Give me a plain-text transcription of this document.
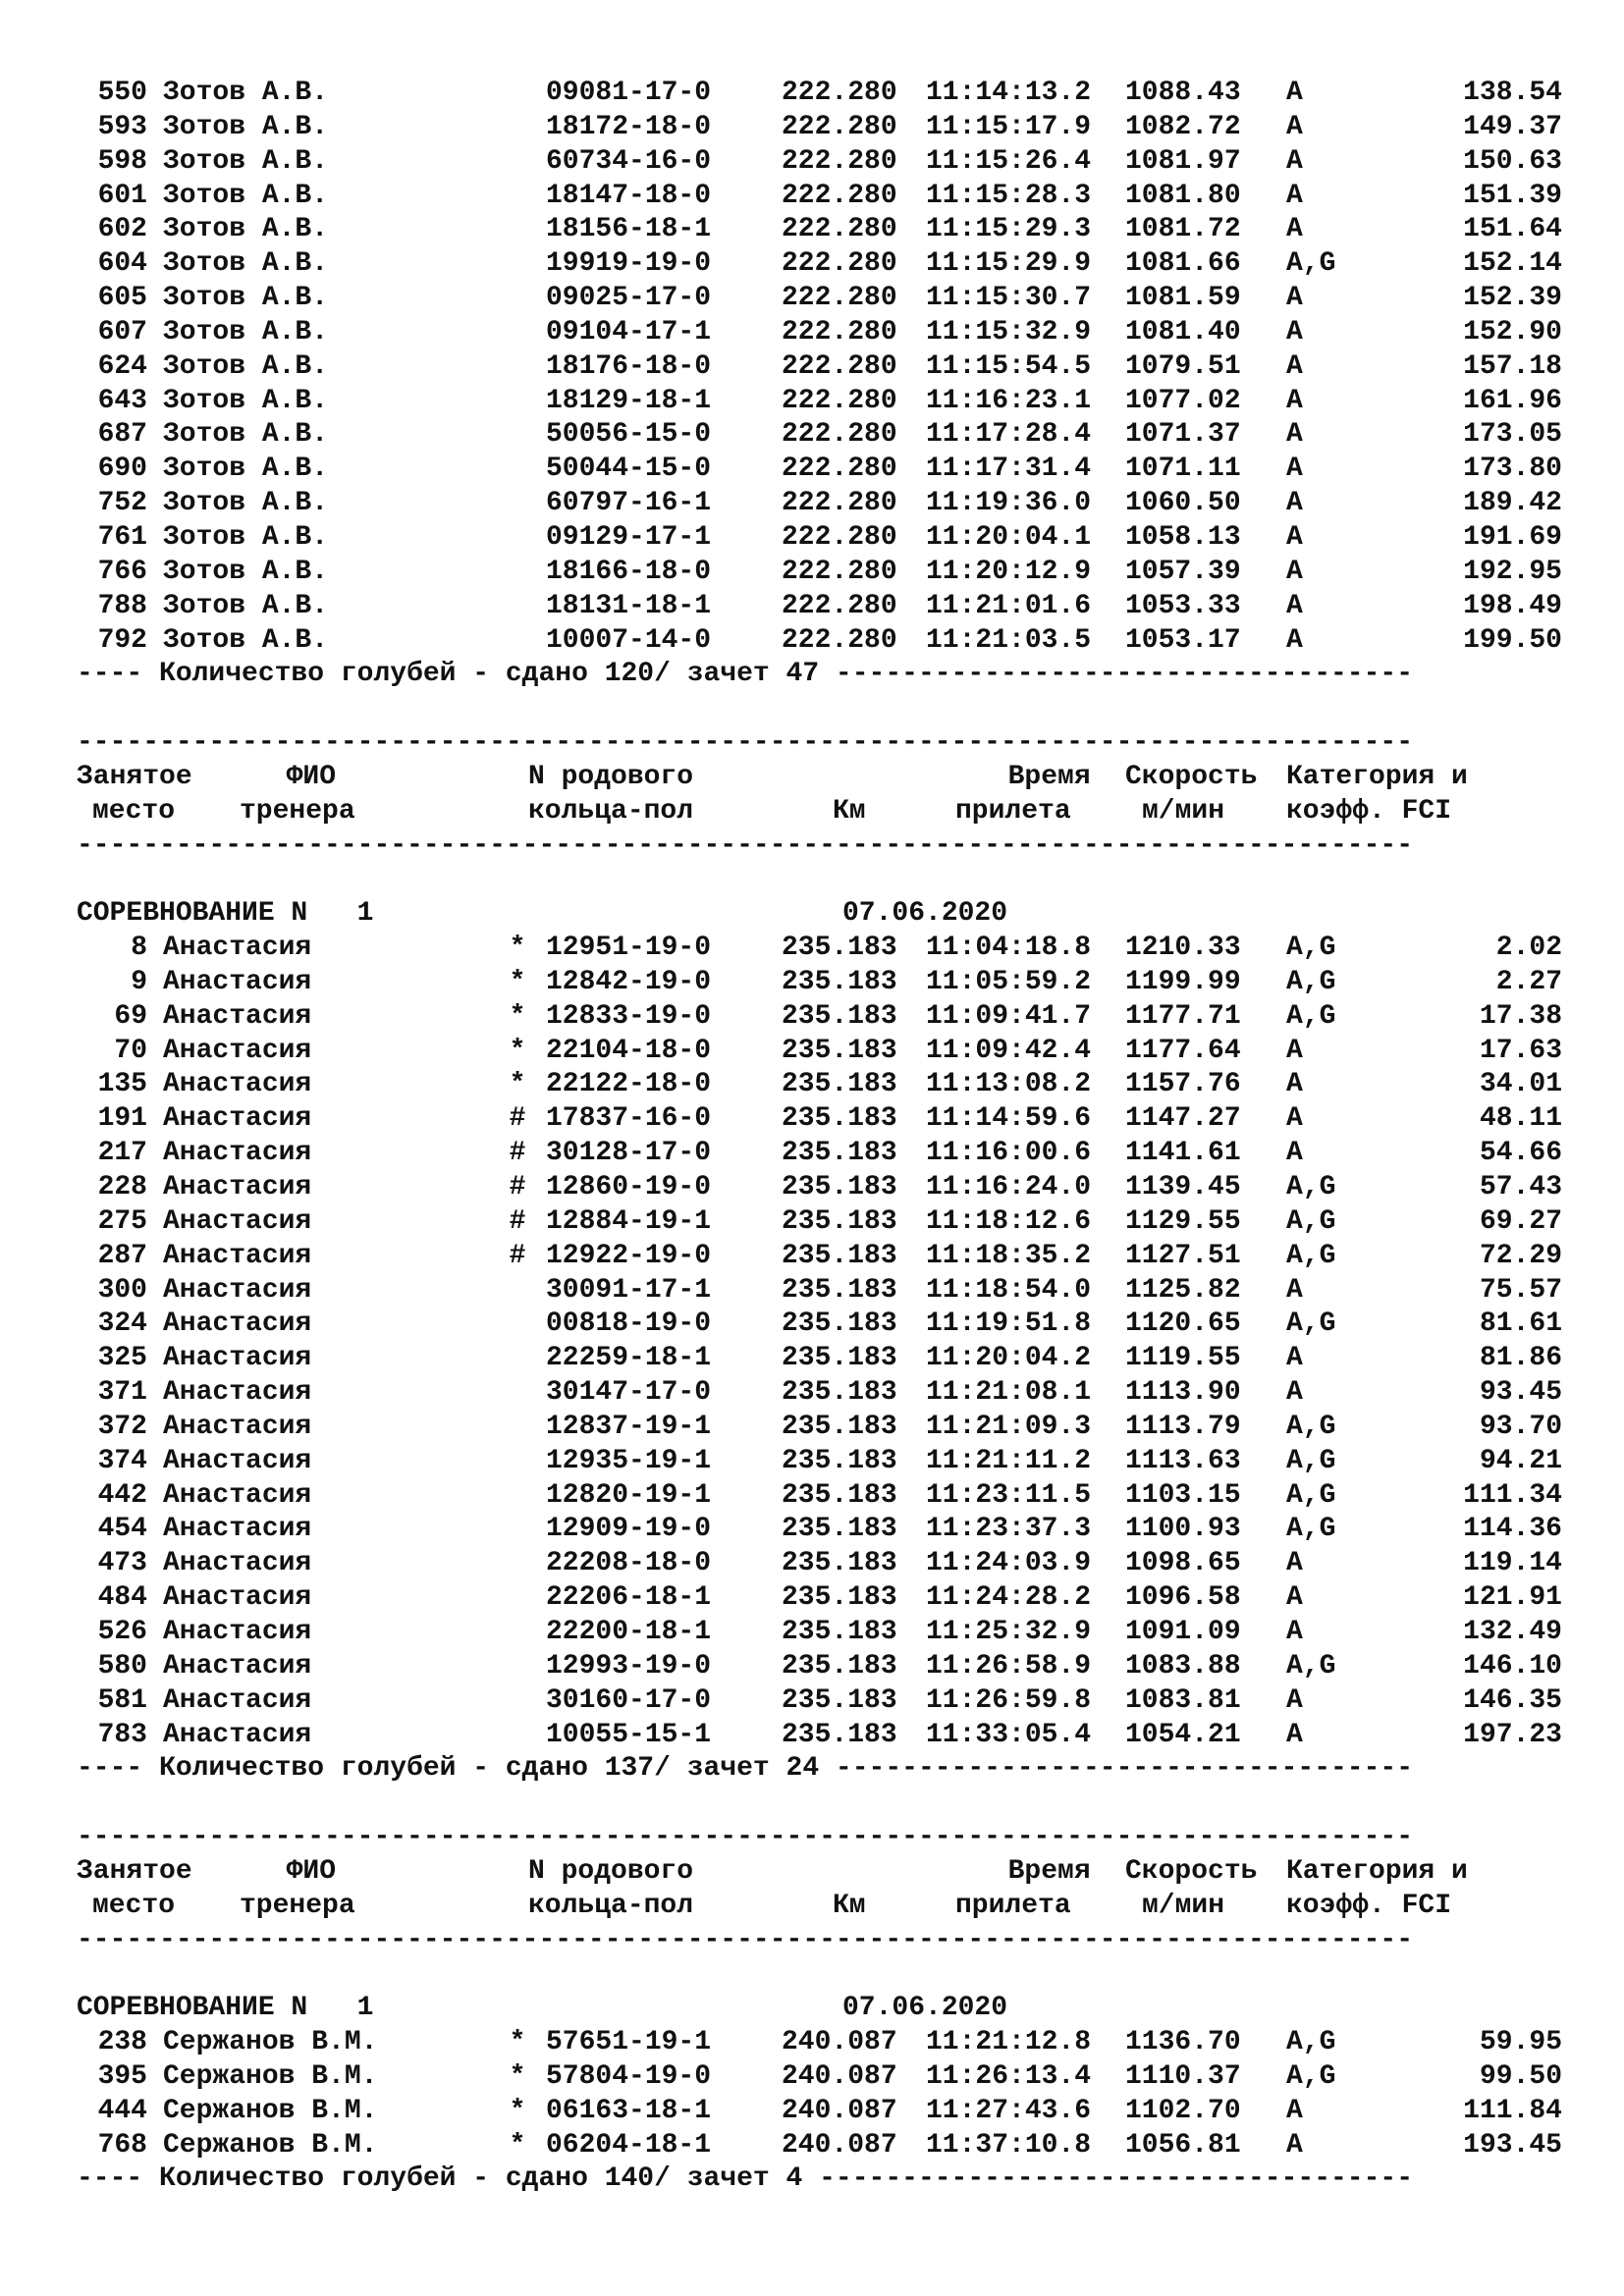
550 Зотов А.В.	09081-17-0	222.280 11:14:13.2 1088.43 A	138.54
593 Зотов А.В.	18172-18-0	222.280 11:15:17.9 1082.72 A	149.37
598 Зотов А.В.	60734-16-0	222.280 11:15:26.4 1081.97 A	150.63
601 Зотов А.В.	18147-18-0	222.280 11:15:28.3 1081.80 A	151.39
602 Зотов А.В.	18156-18-1	222.280 11:15:29.3 1081.72 A	151.64
604 Зотов А.В.	19919-19-0	222.280 11:15:29.9 1081.66 A,G	152.14
605 Зотов А.В.	09025-17-0	222.280 11:15:30.7 1081.59 A	152.39
607 Зотов А.В.	09104-17-1	222.280 11:15:32.9 1081.40 A	152.90
624 Зотов А.В.	18176-18-0	222.280 11:15:54.5 1079.51 A	157.18
643 Зотов А.В.	18129-18-1	222.280 11:16:23.1 1077.02 A	161.96
687 Зотов А.В.	50056-15-0	222.280 11:17:28.4 1071.37 A	173.05
690 Зотов А.В.	50044-15-0	222.280 11:17:31.4 1071.11 A	173.80
752 Зотов А.В.	60797-16-1	222.280 11:19:36.0 1060.50 A	189.42
761 Зотов А.В.	09129-17-1	222.280 11:20:04.1 1058.13 A	191.69
766 Зотов А.В.	18166-18-0	222.280 11:20:12.9 1057.39 A	192.95
788 Зотов А.В.	18131-18-1	222.280 11:21:01.6 1053.33 A	198.49
792 Зотов А.В.	10007-14-0	222.280 11:21:03.5 1053.17 A	199.50
---- Количество голубей - сдано 120/ зачет 47 -----------------------------------
---------------------------------------------------------------------------------
Занятое ФИО	N родового	Время Скорость Категория и
место тренера	кольца-пол	Км	прилета	м/мин коэфф. FCI
---------------------------------------------------------------------------------
СОРЕВНОВАНИЕ N   1	07.06.2020
8 Анастасия	* 12951-19-0	235.183 11:04:18.8 1210.33 A,G	2.02
9 Анастасия	* 12842-19-0	235.183 11:05:59.2 1199.99 A,G	2.27
69 Анастасия	* 12833-19-0	235.183 11:09:41.7 1177.71 A,G	17.38
70 Анастасия	* 22104-18-0	235.183 11:09:42.4 1177.64 A	17.63
135 Анастасия	* 22122-18-0	235.183 11:13:08.2 1157.76 A	34.01
191 Анастасия	# 17837-16-0	235.183 11:14:59.6 1147.27 A	48.11
217 Анастасия	# 30128-17-0	235.183 11:16:00.6 1141.61 A	54.66
228 Анастасия	# 12860-19-0	235.183 11:16:24.0 1139.45 A,G	57.43
275 Анастасия	# 12884-19-1	235.183 11:18:12.6 1129.55 A,G	69.27
287 Анастасия	# 12922-19-0	235.183 11:18:35.2 1127.51 A,G	72.29
300 Анастасия	30091-17-1	235.183 11:18:54.0 1125.82 A	75.57
324 Анастасия	00818-19-0	235.183 11:19:51.8 1120.65 A,G	81.61
325 Анастасия	22259-18-1	235.183 11:20:04.2 1119.55 A	81.86
371 Анастасия	30147-17-0	235.183 11:21:08.1 1113.90 A	93.45
372 Анастасия	12837-19-1	235.183 11:21:09.3 1113.79 A,G	93.70
374 Анастасия	12935-19-1	235.183 11:21:11.2 1113.63 A,G	94.21
442 Анастасия	12820-19-1	235.183 11:23:11.5 1103.15 A,G	111.34
454 Анастасия	12909-19-0	235.183 11:23:37.3 1100.93 A,G	114.36
473 Анастасия	22208-18-0	235.183 11:24:03.9 1098.65 A	119.14
484 Анастасия	22206-18-1	235.183 11:24:28.2 1096.58 A	121.91
526 Анастасия	22200-18-1	235.183 11:25:32.9 1091.09 A	132.49
580 Анастасия	12993-19-0	235.183 11:26:58.9 1083.88 A,G	146.10
581 Анастасия	30160-17-0	235.183 11:26:59.8 1083.81 A	146.35
783 Анастасия	10055-15-1	235.183 11:33:05.4 1054.21 A	197.23
---- Количество голубей - сдано 137/ зачет 24 -----------------------------------
---------------------------------------------------------------------------------
Занятое ФИО	N родового	Время Скорость Категория и
место тренера	кольца-пол	Км	прилета	м/мин коэфф. FCI
---------------------------------------------------------------------------------
СОРЕВНОВАНИЕ N   1	07.06.2020
238 Сержанов В.М.	* 57651-19-1	240.087 11:21:12.8 1136.70 A,G	59.95
395 Сержанов В.М.	* 57804-19-0	240.087 11:26:13.4 1110.37 A,G	99.50
444 Сержанов В.М.	* 06163-18-1	240.087 11:27:43.6 1102.70 A	111.84
768 Сержанов В.М.	* 06204-18-1	240.087 11:37:10.8 1056.81 A	193.45
---- Количество голубей - сдано 140/ зачет 4 ------------------------------------
